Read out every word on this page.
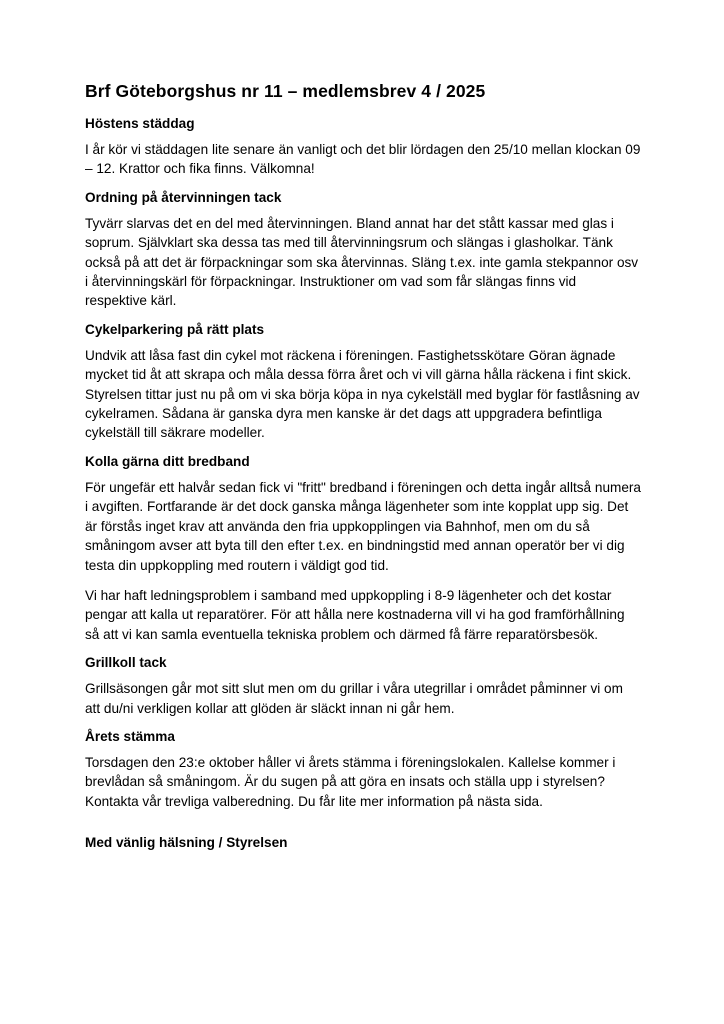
Brf Göteborgshus nr 11 – medlemsbrev 4 / 2025
Höstens städdag

I år kör vi städdagen lite senare än vanligt och det blir lördagen den 25/10 mellan klockan 09 – 12. Krattor och fika finns. Välkomna!

Ordning på återvinningen tack

Tyvärr slarvas det en del med återvinningen. Bland annat har det stått kassar med glas i soprum. Självklart ska dessa tas med till återvinningsrum och slängas i glasholkar. Tänk också på att det är förpackningar som ska återvinnas. Släng t.ex. inte gamla stekpannor osv i återvinningskärl för förpackningar. Instruktioner om vad som får slängas finns vid respektive kärl.

Cykelparkering på rätt plats

Undvik att låsa fast din cykel mot räckena i föreningen. Fastighetsskötare Göran ägnade mycket tid åt att skrapa och måla dessa förra året och vi vill gärna hålla räckena i fint skick. Styrelsen tittar just nu på om vi ska börja köpa in nya cykelställ med byglar för fastlåsning av cykelramen. Sådana är ganska dyra men kanske är det dags att uppgradera befintliga cykelställ till säkrare modeller.

Kolla gärna ditt bredband

För ungefär ett halvår sedan fick vi "fritt" bredband i föreningen och detta ingår alltså numera i avgiften. Fortfarande är det dock ganska många lägenheter som inte kopplat upp sig. Det är förstås inget krav att använda den fria uppkopplingen via Bahnhof, men om du så småningom avser att byta till den efter t.ex. en bindningstid med annan operatör ber vi dig testa din uppkoppling med routern i väldigt god tid.

Vi har haft ledningsproblem i samband med uppkoppling i 8-9 lägenheter och det kostar pengar att kalla ut reparatörer. För att hålla nere kostnaderna vill vi ha god framförhållning så att vi kan samla eventuella tekniska problem och därmed få färre reparatörsbesök.

Grillkoll tack

Grillsäsongen går mot sitt slut men om du grillar i våra utegrillar i området påminner vi om att du/ni verkligen kollar att glöden är släckt innan ni går hem.

Årets stämma

Torsdagen den 23:e oktober håller vi årets stämma i föreningslokalen. Kallelse kommer i brevlådan så småningom. Är du sugen på att göra en insats och ställa upp i styrelsen? Kontakta vår trevliga valberedning. Du får lite mer information på nästa sida.

Med vänlig hälsning / Styrelsen
